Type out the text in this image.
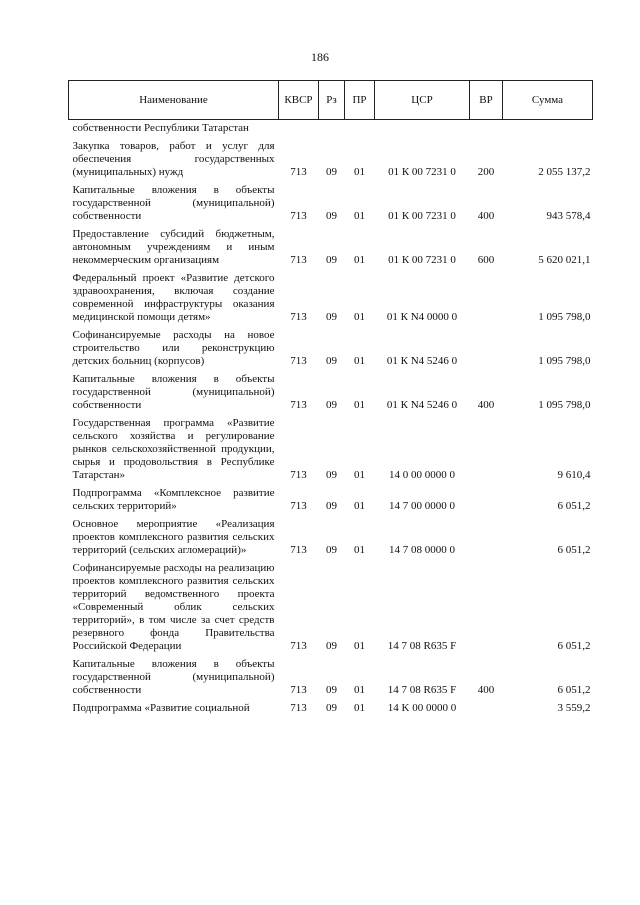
186
Наименование	КВСР	Рз	ПР	ЦСР	ВР	Сумма
собственности Республики Татарстан						
Закупка товаров, работ и услуг для обеспечения государственных (муниципальных) нужд	713	09	01	01 К 00 7231 0	200	2 055 137,2
Капитальные вложения в объекты государственной (муниципальной) собственности	713	09	01	01 К 00 7231 0	400	943 578,4
Предоставление субсидий бюджетным, автономным учреждениям и иным некоммерческим организациям	713	09	01	01 К 00 7231 0	600	5 620 021,1
Федеральный проект «Развитие детского здравоохранения, включая создание современной инфраструктуры оказания медицинской помощи детям»	713	09	01	01 К N4 0000 0		1 095 798,0
Софинансируемые расходы на новое строительство или реконструкцию детских больниц (корпусов)	713	09	01	01 К N4 5246 0		1 095 798,0
Капитальные вложения в объекты государственной (муниципальной) собственности	713	09	01	01 К N4 5246 0	400	1 095 798,0
Государственная программа «Развитие сельского хозяйства и регулирование рынков сельскохозяйственной продукции, сырья и продовольствия в Республике Татарстан»	713	09	01	14 0 00 0000 0		9 610,4
Подпрограмма «Комплексное развитие сельских территорий»	713	09	01	14 7 00 0000 0		6 051,2
Основное мероприятие «Реализация проектов комплексного развития сельских территорий (сельских агломераций)»	713	09	01	14 7 08 0000 0		6 051,2
Софинансируемые расходы на реализацию проектов комплексного развития сельских территорий ведомственного проекта «Современный облик сельских территорий», в том числе за счет средств резервного фонда Правительства Российской Федерации	713	09	01	14 7 08 R635 F		6 051,2
Капитальные вложения в объекты государственной (муниципальной) собственности	713	09	01	14 7 08 R635 F	400	6 051,2
Подпрограмма «Развитие социальной	713	09	01	14 K 00 0000 0		3 559,2
